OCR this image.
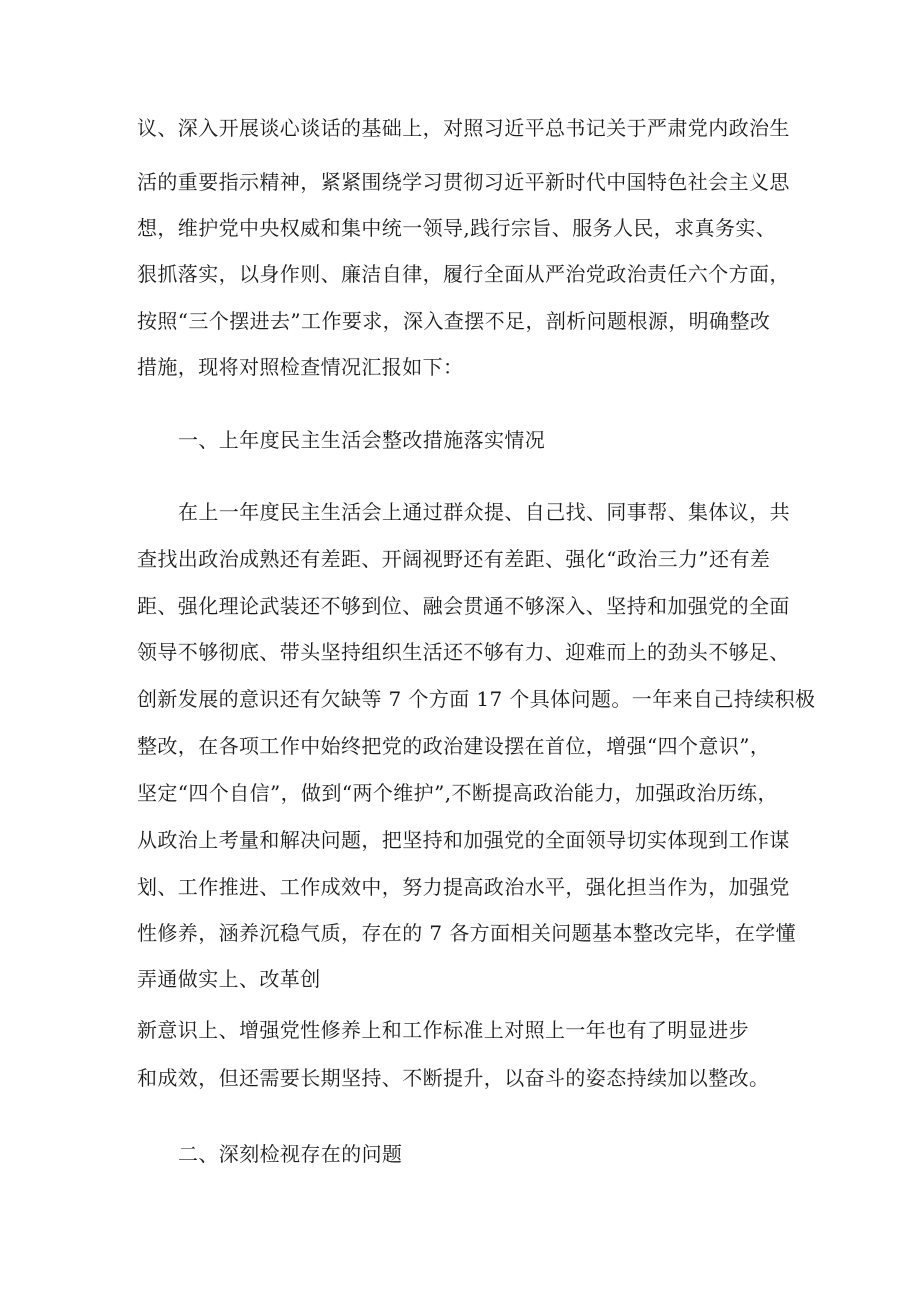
议、深入开展谈心谈话的基础上，对照习近平总书记关于严肃党内政治生
活的重要指示精神，紧紧围绕学习贯彻习近平新时代中国特色社会主义思
想，维护党中央权威和集中统一领导,践行宗旨、服务人民，求真务实、
狠抓落实，以身作则、廉洁自律，履行全面从严治党政治责任六个方面，
按照“三个摆进去”工作要求，深入查摆不足，剖析问题根源，明确整改
措施，现将对照检查情况汇报如下：
一、上年度民主生活会整改措施落实情况
在上一年度民主生活会上通过群众提、自己找、同事帮、集体议，共
查找出政治成熟还有差距、开阔视野还有差距、强化“政治三力”还有差
距、强化理论武装还不够到位、融会贯通不够深入、坚持和加强党的全面
领导不够彻底、带头坚持组织生活还不够有力、迎难而上的劲头不够足、
创新发展的意识还有欠缺等 7 个方面 17 个具体问题。一年来自己持续积极
整改，在各项工作中始终把党的政治建设摆在首位，增强“四个意识”，
坚定“四个自信”，做到“两个维护”,不断提高政治能力，加强政治历练，
从政治上考量和解决问题，把坚持和加强党的全面领导切实体现到工作谋
划、工作推进、工作成效中，努力提高政治水平，强化担当作为，加强党
性修养，涵养沉稳气质，存在的 7 各方面相关问题基本整改完毕，在学懂
弄通做实上、改革创
新意识上、增强党性修养上和工作标准上对照上一年也有了明显进步
和成效，但还需要长期坚持、不断提升，以奋斗的姿态持续加以整改。
二、深刻检视存在的问题
